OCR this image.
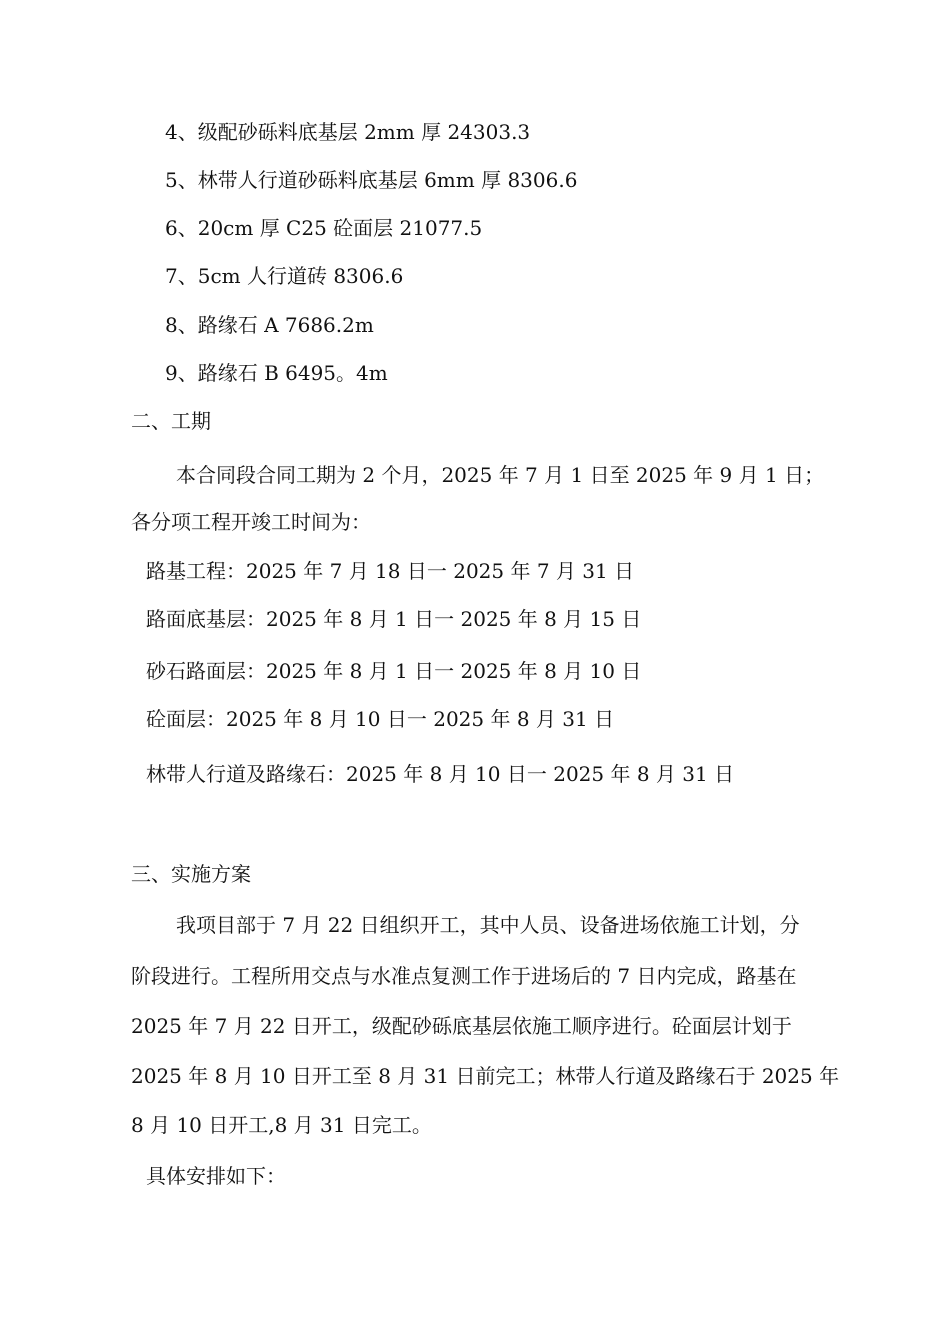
4、级配砂砾料底基层 2mm 厚 24303.3
5、林带人行道砂砾料底基层 6mm 厚 8306.6
6、20cm 厚 C25 砼面层 21077.5
7、5cm 人行道砖 8306.6
8、路缘石 A 7686.2m
9、路缘石 B 6495。4m
二、工期
本合同段合同工期为 2 个月，2025 年 7 月 1 日至 2025 年 9 月 1 日；
各分项工程开竣工时间为：
路基工程：2025 年 7 月 18 日一 2025 年 7 月 31 日
路面底基层：2025 年 8 月 1 日一 2025 年 8 月 15 日
砂石路面层：2025 年 8 月 1 日一 2025 年 8 月 10 日
砼面层：2025 年 8 月 10 日一 2025 年 8 月 31 日
林带人行道及路缘石：2025 年 8 月 10 日一 2025 年 8 月 31 日
三、实施方案
我项目部于 7 月 22 日组织开工，其中人员、设备进场依施工计划，分
阶段进行。工程所用交点与水准点复测工作于进场后的 7 日内完成，路基在
2025 年 7 月 22 日开工，级配砂砾底基层依施工顺序进行。砼面层计划于
2025 年 8 月 10 日开工至 8 月 31 日前完工；林带人行道及路缘石于 2025 年
8 月 10 日开工,8 月 31 日完工。
具体安排如下：
